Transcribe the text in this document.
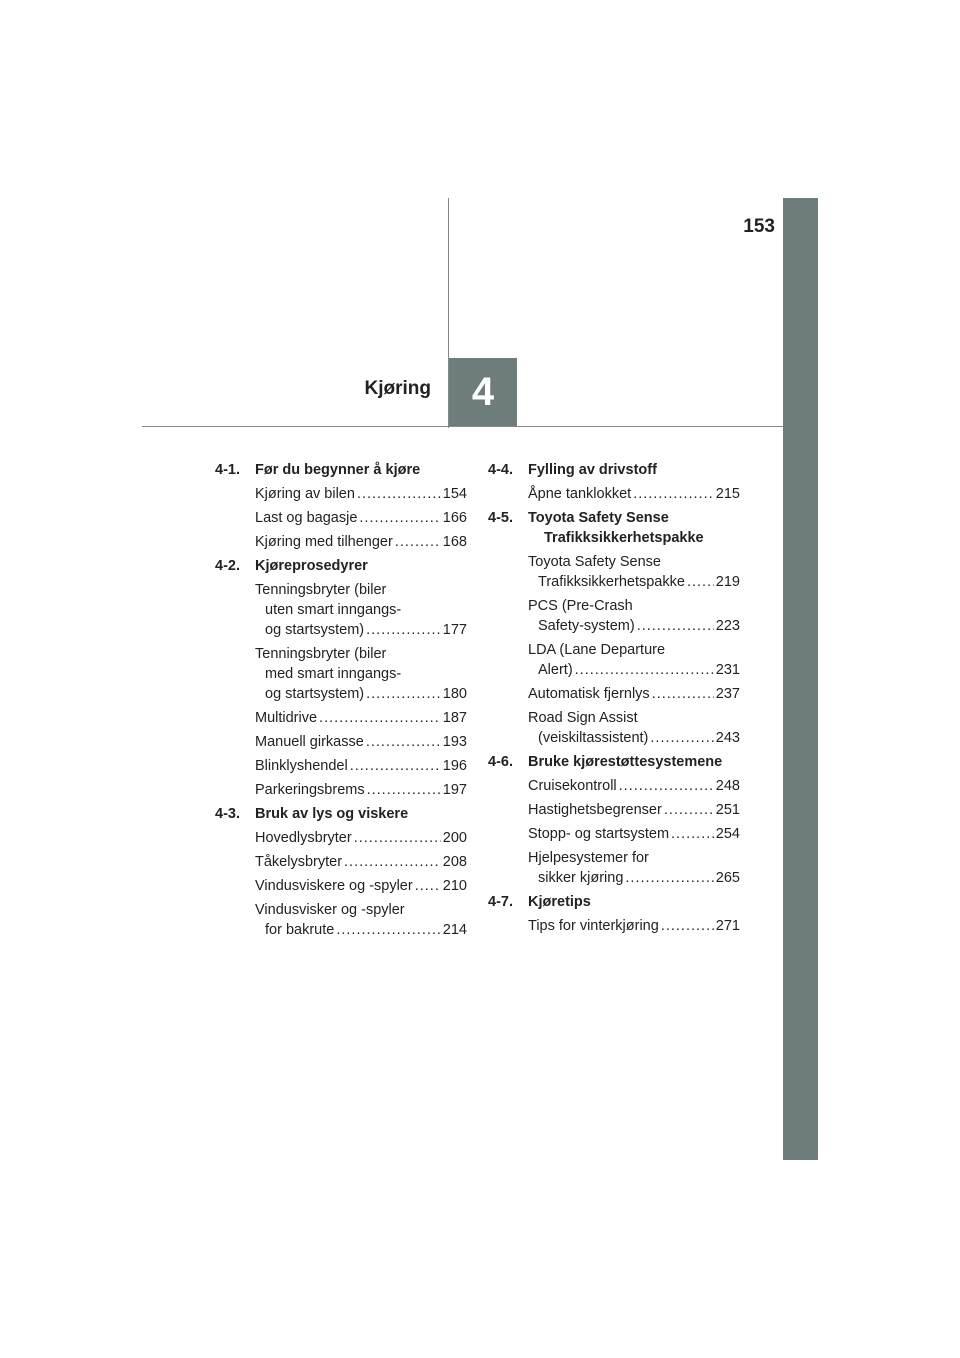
153
4
Kjøring
4-1.	Før du begynner å kjøre
Kjøring av bilen .....	154
Last og bagasje .....	166
Kjøring med tilhenger .....	168
4-2.	Kjøreprosedyrer
Tenningsbryter (biler
uten smart inngangs-
og startsystem) .....	177
Tenningsbryter (biler
med smart inngangs-
og startsystem) .....	180
Multidrive .....	187
Manuell girkasse .....	193
Blinklyshendel .....	196
Parkeringsbrems .....	197
4-3.	Bruk av lys og viskere
Hovedlysbryter .....	200
Tåkelysbryter .....	208
Vindusviskere og -spyler ..... 210
Vindusvisker og -spyler
for bakrute .....	214
4-4.	Fylling av drivstoff
Åpne tanklokket .....	215
4-5.	Toyota Safety Sense Trafikksikkerhetspakke
Toyota Safety Sense
Trafikksikkerhetspakke ..... 219
PCS (Pre-Crash
Safety-system) .....	223
LDA (Lane Departure
Alert) .....	231
Automatisk fjernlys .....	237
Road Sign Assist
(veiskiltassistent) .....	243
4-6.	Bruke kjørestøttesystemene
Cruisekontroll .....	248
Hastighetsbegrenser .....	251
Stopp- og startsystem .....	254
Hjelpesystemer for
sikker kjøring .....	265
4-7.	Kjøretips
Tips for vinterkjøring .....	271
